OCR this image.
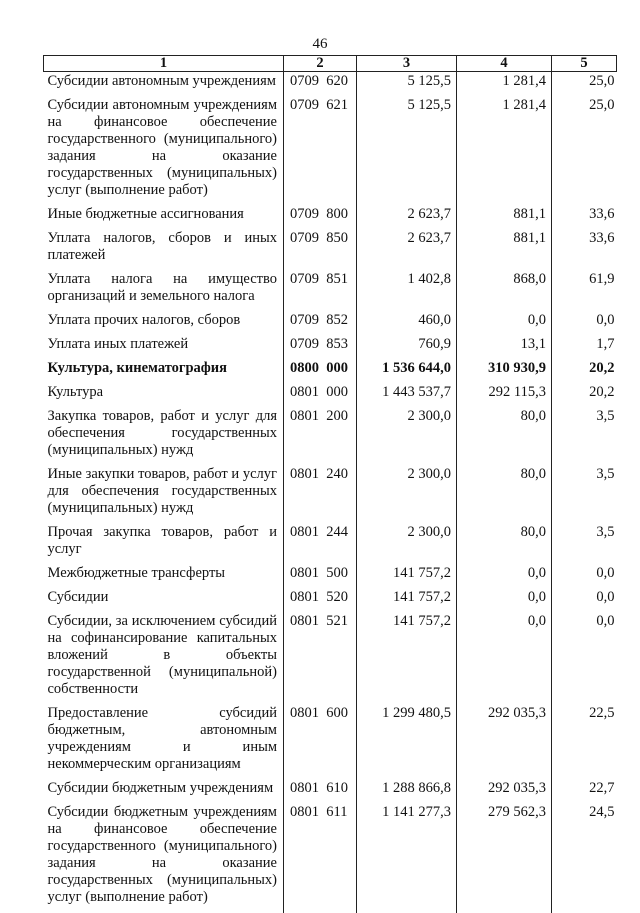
46
1	2	3	4	5
Субсидии автономным учреждениям	0709  620	5 125,5	1 281,4	25,0
Субсидии автономным учреждениям на финансовое обеспечение государственного (муниципального) задания на оказание государственных (муниципальных) услуг (выполнение работ)	0709  621	5 125,5	1 281,4	25,0
Иные бюджетные ассигнования	0709  800	2 623,7	881,1	33,6
Уплата налогов, сборов и иных платежей	0709  850	2 623,7	881,1	33,6
Уплата налога на имущество организаций и земельного налога	0709  851	1 402,8	868,0	61,9
Уплата прочих налогов, сборов	0709  852	460,0	0,0	0,0
Уплата иных платежей	0709  853	760,9	13,1	1,7
Культура, кинематография	0800  000	1 536 644,0	310 930,9	20,2
Культура	0801  000	1 443 537,7	292 115,3	20,2
Закупка товаров, работ и услуг для обеспечения государственных (муниципальных) нужд	0801  200	2 300,0	80,0	3,5
Иные закупки товаров, работ и услуг для обеспечения государственных (муниципальных) нужд	0801  240	2 300,0	80,0	3,5
Прочая закупка товаров, работ и услуг	0801  244	2 300,0	80,0	3,5
Межбюджетные трансферты	0801  500	141 757,2	0,0	0,0
Субсидии	0801  520	141 757,2	0,0	0,0
Субсидии, за исключением субсидий на софинансирование капитальных вложений в объекты государственной (муниципальной) собственности	0801  521	141 757,2	0,0	0,0
Предоставление субсидий бюджетным, автономным учреждениям и иным некоммерческим организациям	0801  600	1 299 480,5	292 035,3	22,5
Субсидии бюджетным учреждениям	0801  610	1 288 866,8	292 035,3	22,7
Субсидии бюджетным учреждениям на финансовое обеспечение государственного (муниципального) задания на оказание государственных (муниципальных) услуг (выполнение работ)	0801  611	1 141 277,3	279 562,3	24,5
